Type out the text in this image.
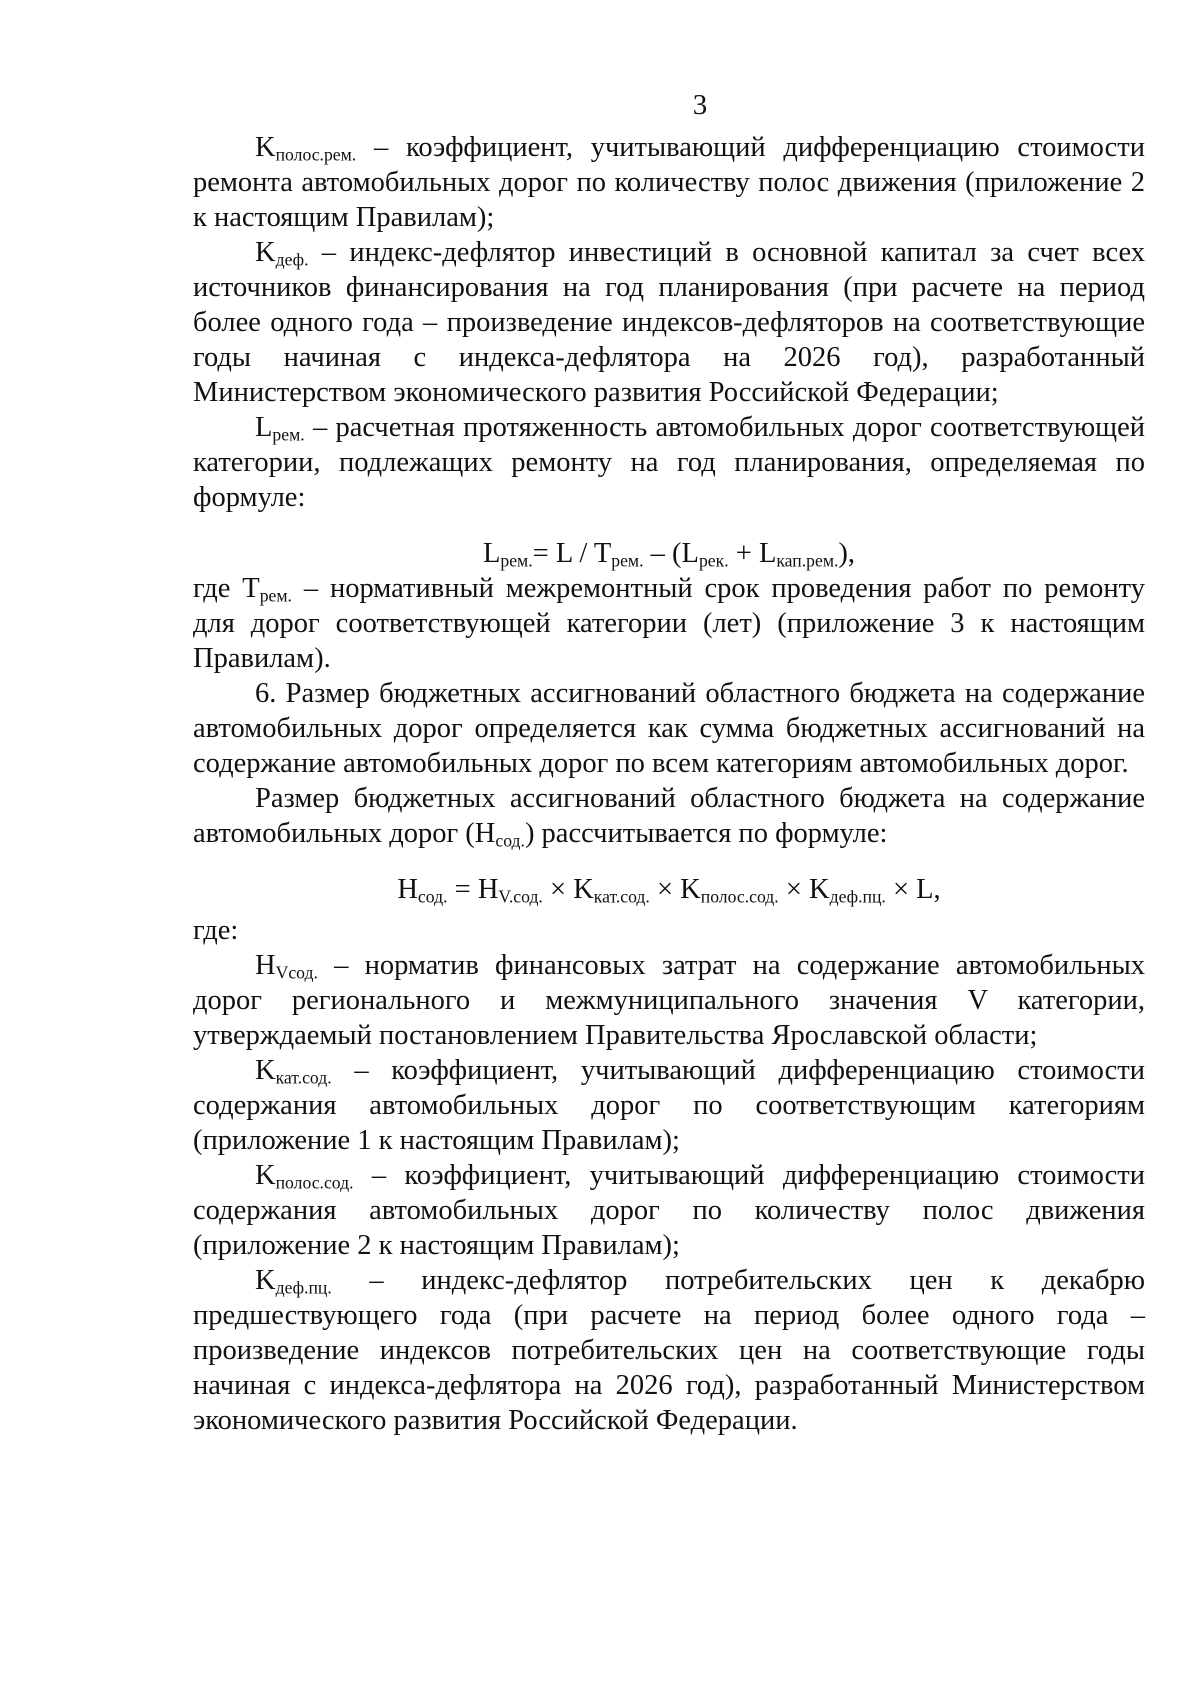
3

$K_{полос.рем.}$ – коэффициент, учитывающий дифференциацию стоимости ремонта автомобильных дорог по количеству полос движения (приложение 2 к настоящим Правилам);

$K_{деф.}$ – индекс-дефлятор инвестиций в основной капитал за счет всех источников финансирования на год планирования (при расчете на период более одного года – произведение индексов-дефляторов на соответствующие годы начиная с индекса-дефлятора на 2026 год), разработанный Министерством экономического развития Российской Федерации;

$L_{рем.}$ – расчетная протяженность автомобильных дорог соответствующей категории, подлежащих ремонту на год планирования, определяемая по формуле:

$L_{рем.}= L / T_{рем.} - (L_{рек.} + L_{кап.рем.})$,

где $T_{рем.}$ – нормативный межремонтный срок проведения работ по ремонту для дорог соответствующей категории (лет) (приложение 3 к настоящим Правилам).

6. Размер бюджетных ассигнований областного бюджета на содержание автомобильных дорог определяется как сумма бюджетных ассигнований на содержание автомобильных дорог по всем категориям автомобильных дорог.

Размер бюджетных ассигнований областного бюджета на содержание автомобильных дорог $(Н_{сод.})$ рассчитывается по формуле:

$Н_{сод.} = Н_{V.сод.} \times K_{кат.сод.} \times K_{полос.сод.} \times K_{деф.пц.} \times L$,

где:

$Н_{Vсод.}$ – норматив финансовых затрат на содержание автомобильных дорог регионального и межмуниципального значения V категории, утверждаемый постановлением Правительства Ярославской области;

$K_{кат.сод.}$ – коэффициент, учитывающий дифференциацию стоимости содержания автомобильных дорог по соответствующим категориям (приложение 1 к настоящим Правилам);

$K_{полос.сод.}$ – коэффициент, учитывающий дифференциацию стоимости содержания автомобильных дорог по количеству полос движения (приложение 2 к настоящим Правилам);

$K_{деф.пц.}$ – индекс-дефлятор потребительских цен к декабрю предшествующего года (при расчете на период более одного года – произведение индексов потребительских цен на соответствующие годы начиная с индекса-дефлятора на 2026 год), разработанный Министерством экономического развития Российской Федерации.
